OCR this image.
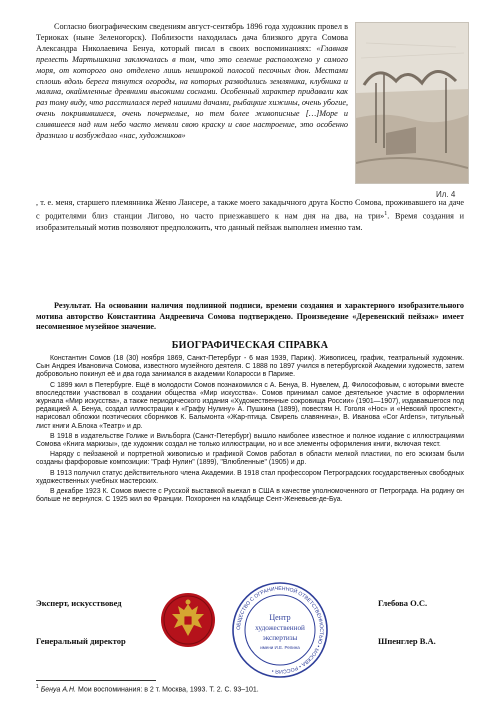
Согласно биографическим сведениям август-сентябрь 1896 года художник провел в Териоках (ныне Зеленогорск). Поблизости находилась дача близкого друга Сомова Александра Николаевича Бенуа, который писал в своих воспоминаниях: «Главная прелесть Мартышкина заключалась в том, что это селение расположено у самого моря, от которого оно отделено лишь неширокой полосой песочных дюн. Местами сплошь вдоль берега тянутся огороды, на которых разводились земляника, клубника и малина, окаймленные древними высокими соснами. Особенный характер придавали как раз тому виду, что расстилался перед нашими дачами, рыбацкие хижины, очень убогие, очень покривившиеся, очень почернелые, но тем более живописные […]Море и сливвшееся над ним небо часто меняли свою краску и свое настроение, это особенно дразнило и возбуждало «нас, художников»
Ил. 4
, т. е. меня, старшего племянника Женю Лансере, а также моего закадычного друга Костю Сомова, проживавшего на даче с родителями близ станции Лигово, но часто приезжавшего к нам дня на два, на три»$^1$. Время создания и изобразительный мотив позволяют предположить, что данный пейзаж выполнен именно там.
Результат. На основании наличия подлинной подписи, времени создания и характерного изобразительного мотива авторство Константина Андреевича Сомова подтверждено. Произведение «Деревенский пейзаж» имеет несомненное музейное значение.
БИОГРАФИЧЕСКАЯ СПРАВКА

Константин Сомов (18 (30) ноября 1869, Санкт-Петербург - 6 мая 1939, Париж). Живописец, график, театральный художник. Сын Андрея Ивановича Сомова, известного музейного деятеля. С 1888 по 1897 учился в петербургской Академии художеств, затем добровольно покинул её и два года занимался в академии Коларосси в Париже.

С 1899 жил в Петербурге. Ещё в молодости Сомов познакомился с А. Бенуа, В. Нувелем, Д. Философовым, с которыми вместе впоследствии участвовал в создании общества «Мир искусства». Сомов принимал самое деятельное участие в оформлении журнала «Мир искусства», а также периодического издания «Художественные сокровища России» (1901—1907), издававшегося под редакцией А. Бенуа, создал иллюстрации к «Графу Нулину» А. Пушкина (1899), повестям Н. Гоголя «Нос» и «Невский проспект», нарисовал обложки поэтических сборников К. Бальмонта «Жар-птица. Свирель славянина», В. Иванова «Cor Ardens», титульный лист книги А.Блока «Театр» и др.

В 1918 в издательстве Голике и Вильборга (Санкт-Петербург) вышло наиболее известное и полное издание с иллюстрациями Сомова «Книга маркизы», где художник создал не только иллюстрации, но и все элементы оформления книги, включая текст.

Наряду с пейзажной и портретной живописью и графикой Сомов работал в области мелкой пластики, по его эскизам были созданы фарфоровые композиции: "Граф Нулин" (1899), "Влюбленные" (1905) и др.

В 1913 получил статус действительного члена Академии. В 1918 стал профессором Петроградских государственных свободных художественных учебных мастерских.

В декабре 1923 К. Сомов вместе с Русской выставкой выехал в США в качестве уполномоченного от Петрограда. На родину он больше не вернулся. С 1925 жил во Франции. Похоронен на кладбище Сент-Женевьев-де-Буа.

Эксперт, искусствовед	Глебова О.С.
Генеральный директор	Шпенглер В.А.
ОБЩЕСТВО С ОГРАНИЧЕННОЙ ОТВЕТСТВЕННОСТЬЮ • МОСКВА • РОССИЯ •
Центр
художественной
экспертизы
имени И.Е. Репина
$^1$ Бенуа А.Н. Мои воспоминания: в 2 т. Москва, 1993. Т. 2. С. 93–101.
